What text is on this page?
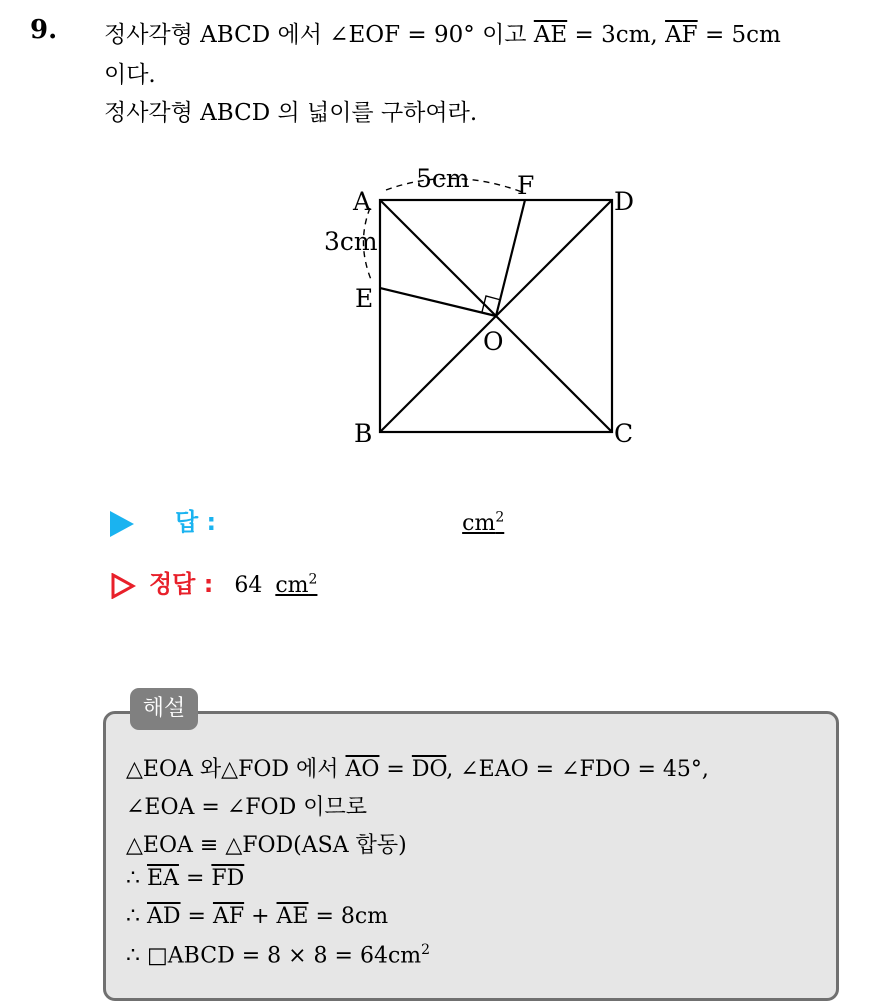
9. 정사각형 ABCD 에서 ∠EOF = 90° 이고 $\overline{AE} = 3cm$, $\overline{AF} = 5cm$
이다.
정사각형 ABCD 의 넓이를 구하여라.
A	D
B	C
E
F
O
5cm
3cm
답 :	$cm^2$
정답 : 64 $cm^2$
해설
△EOA 와△FOD 에서 $\overline{AO} = \overline{DO}$, ∠EAO = ∠FDO = 45°,
∠EOA = ∠FOD 이므로
△EOA ≡ △FOD(ASA 합동)
∴ $\overline{EA} = \overline{FD}$
∴ $\overline{AD} = \overline{AF} + \overline{AE} = 8cm$
∴ □ABCD = $8 \times 8 = 64cm^2$
